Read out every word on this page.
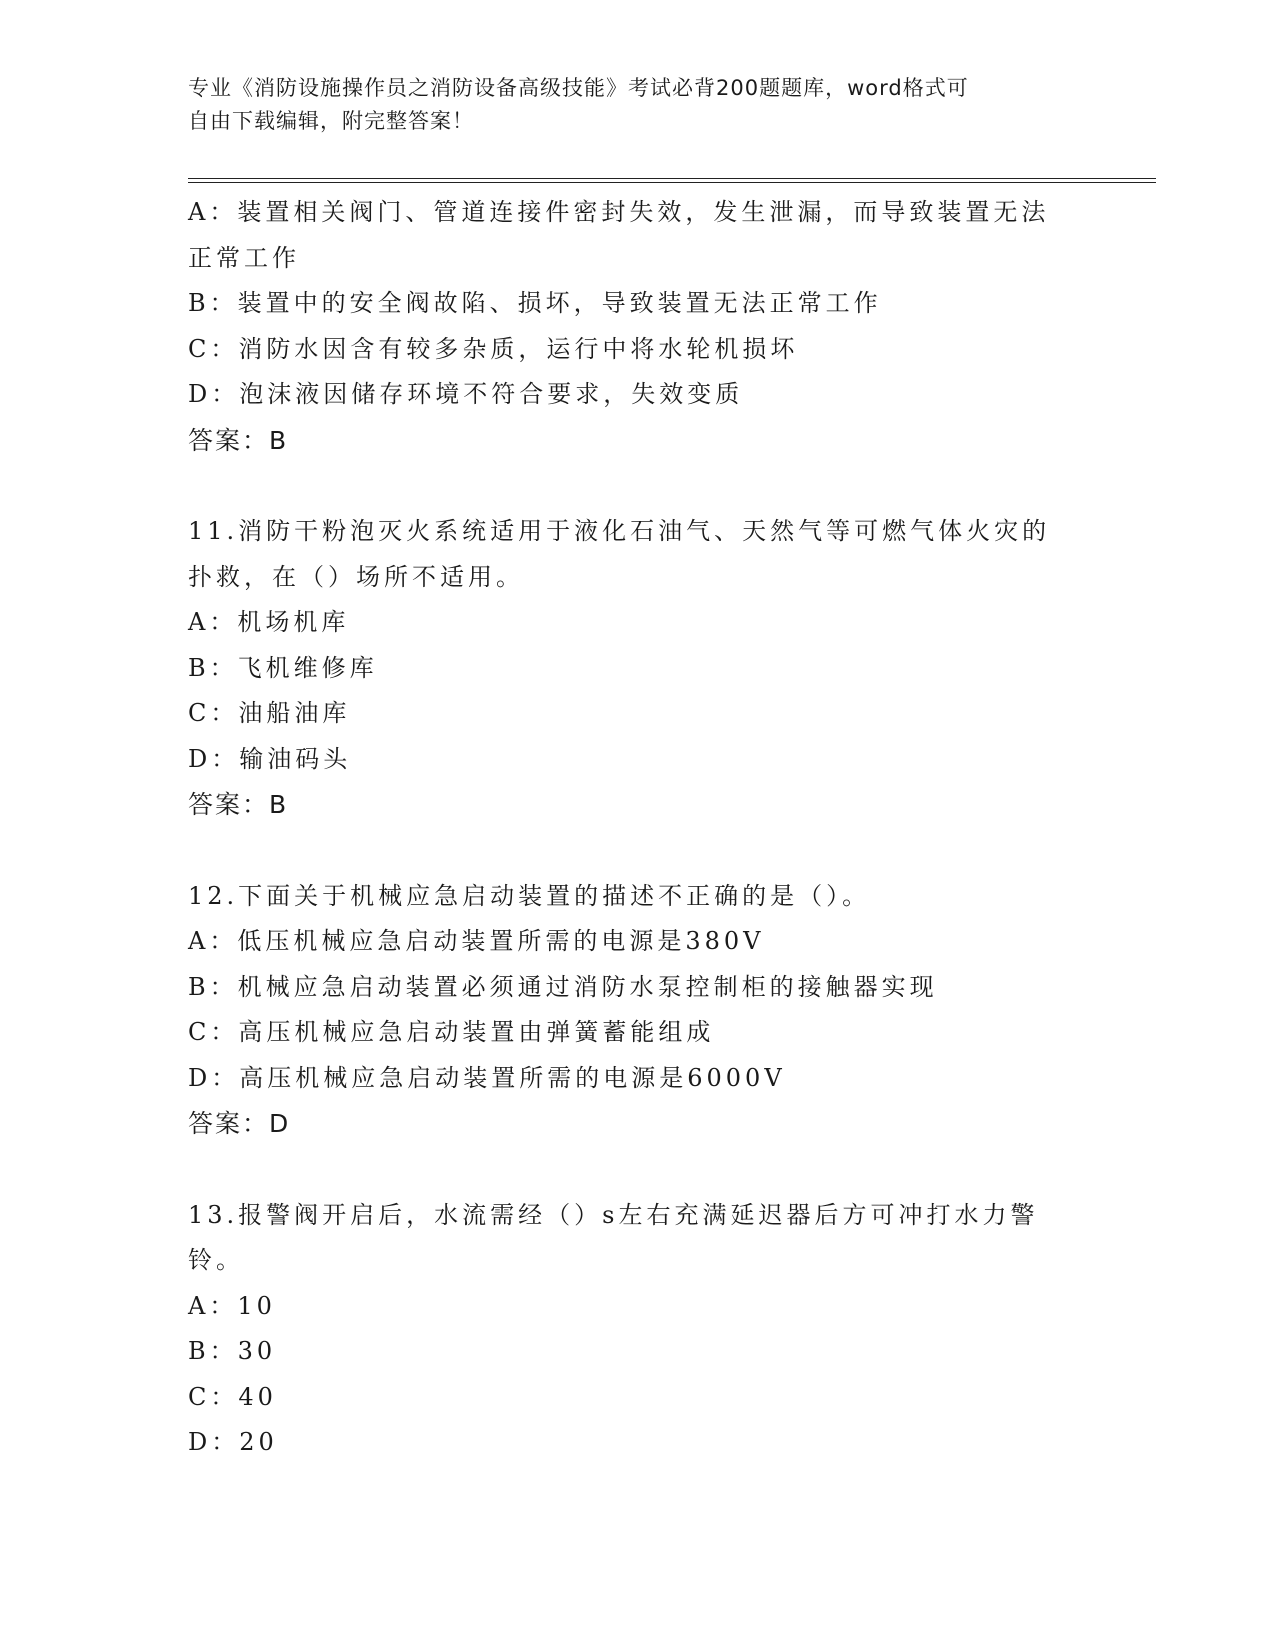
专业《消防设施操作员之消防设备高级技能》考试必背200题题库，word格式可
自由下载编辑，附完整答案！
A：装置相关阀门、管道连接件密封失效，发生泄漏，而导致装置无法
正常工作
B：装置中的安全阀故陷、损坏，导致装置无法正常工作
C：消防水因含有较多杂质，运行中将水轮机损坏
D：泡沫液因储存环境不符合要求，失效变质
答案：B
11.消防干粉泡灭火系统适用于液化石油气、天然气等可燃气体火灾的
扑救，在（）场所不适用。
A：机场机库
B：飞机维修库
C：油船油库
D：输油码头
答案：B
12.下面关于机械应急启动装置的描述不正确的是（）。
A：低压机械应急启动装置所需的电源是380V
B：机械应急启动装置必须通过消防水泵控制柜的接触器实现
C：高压机械应急启动装置由弹簧蓄能组成
D：高压机械应急启动装置所需的电源是6000V
答案：D
13.报警阀开启后，水流需经（）s左右充满延迟器后方可冲打水力警
铃。
A：10
B：30
C：40
D：20
